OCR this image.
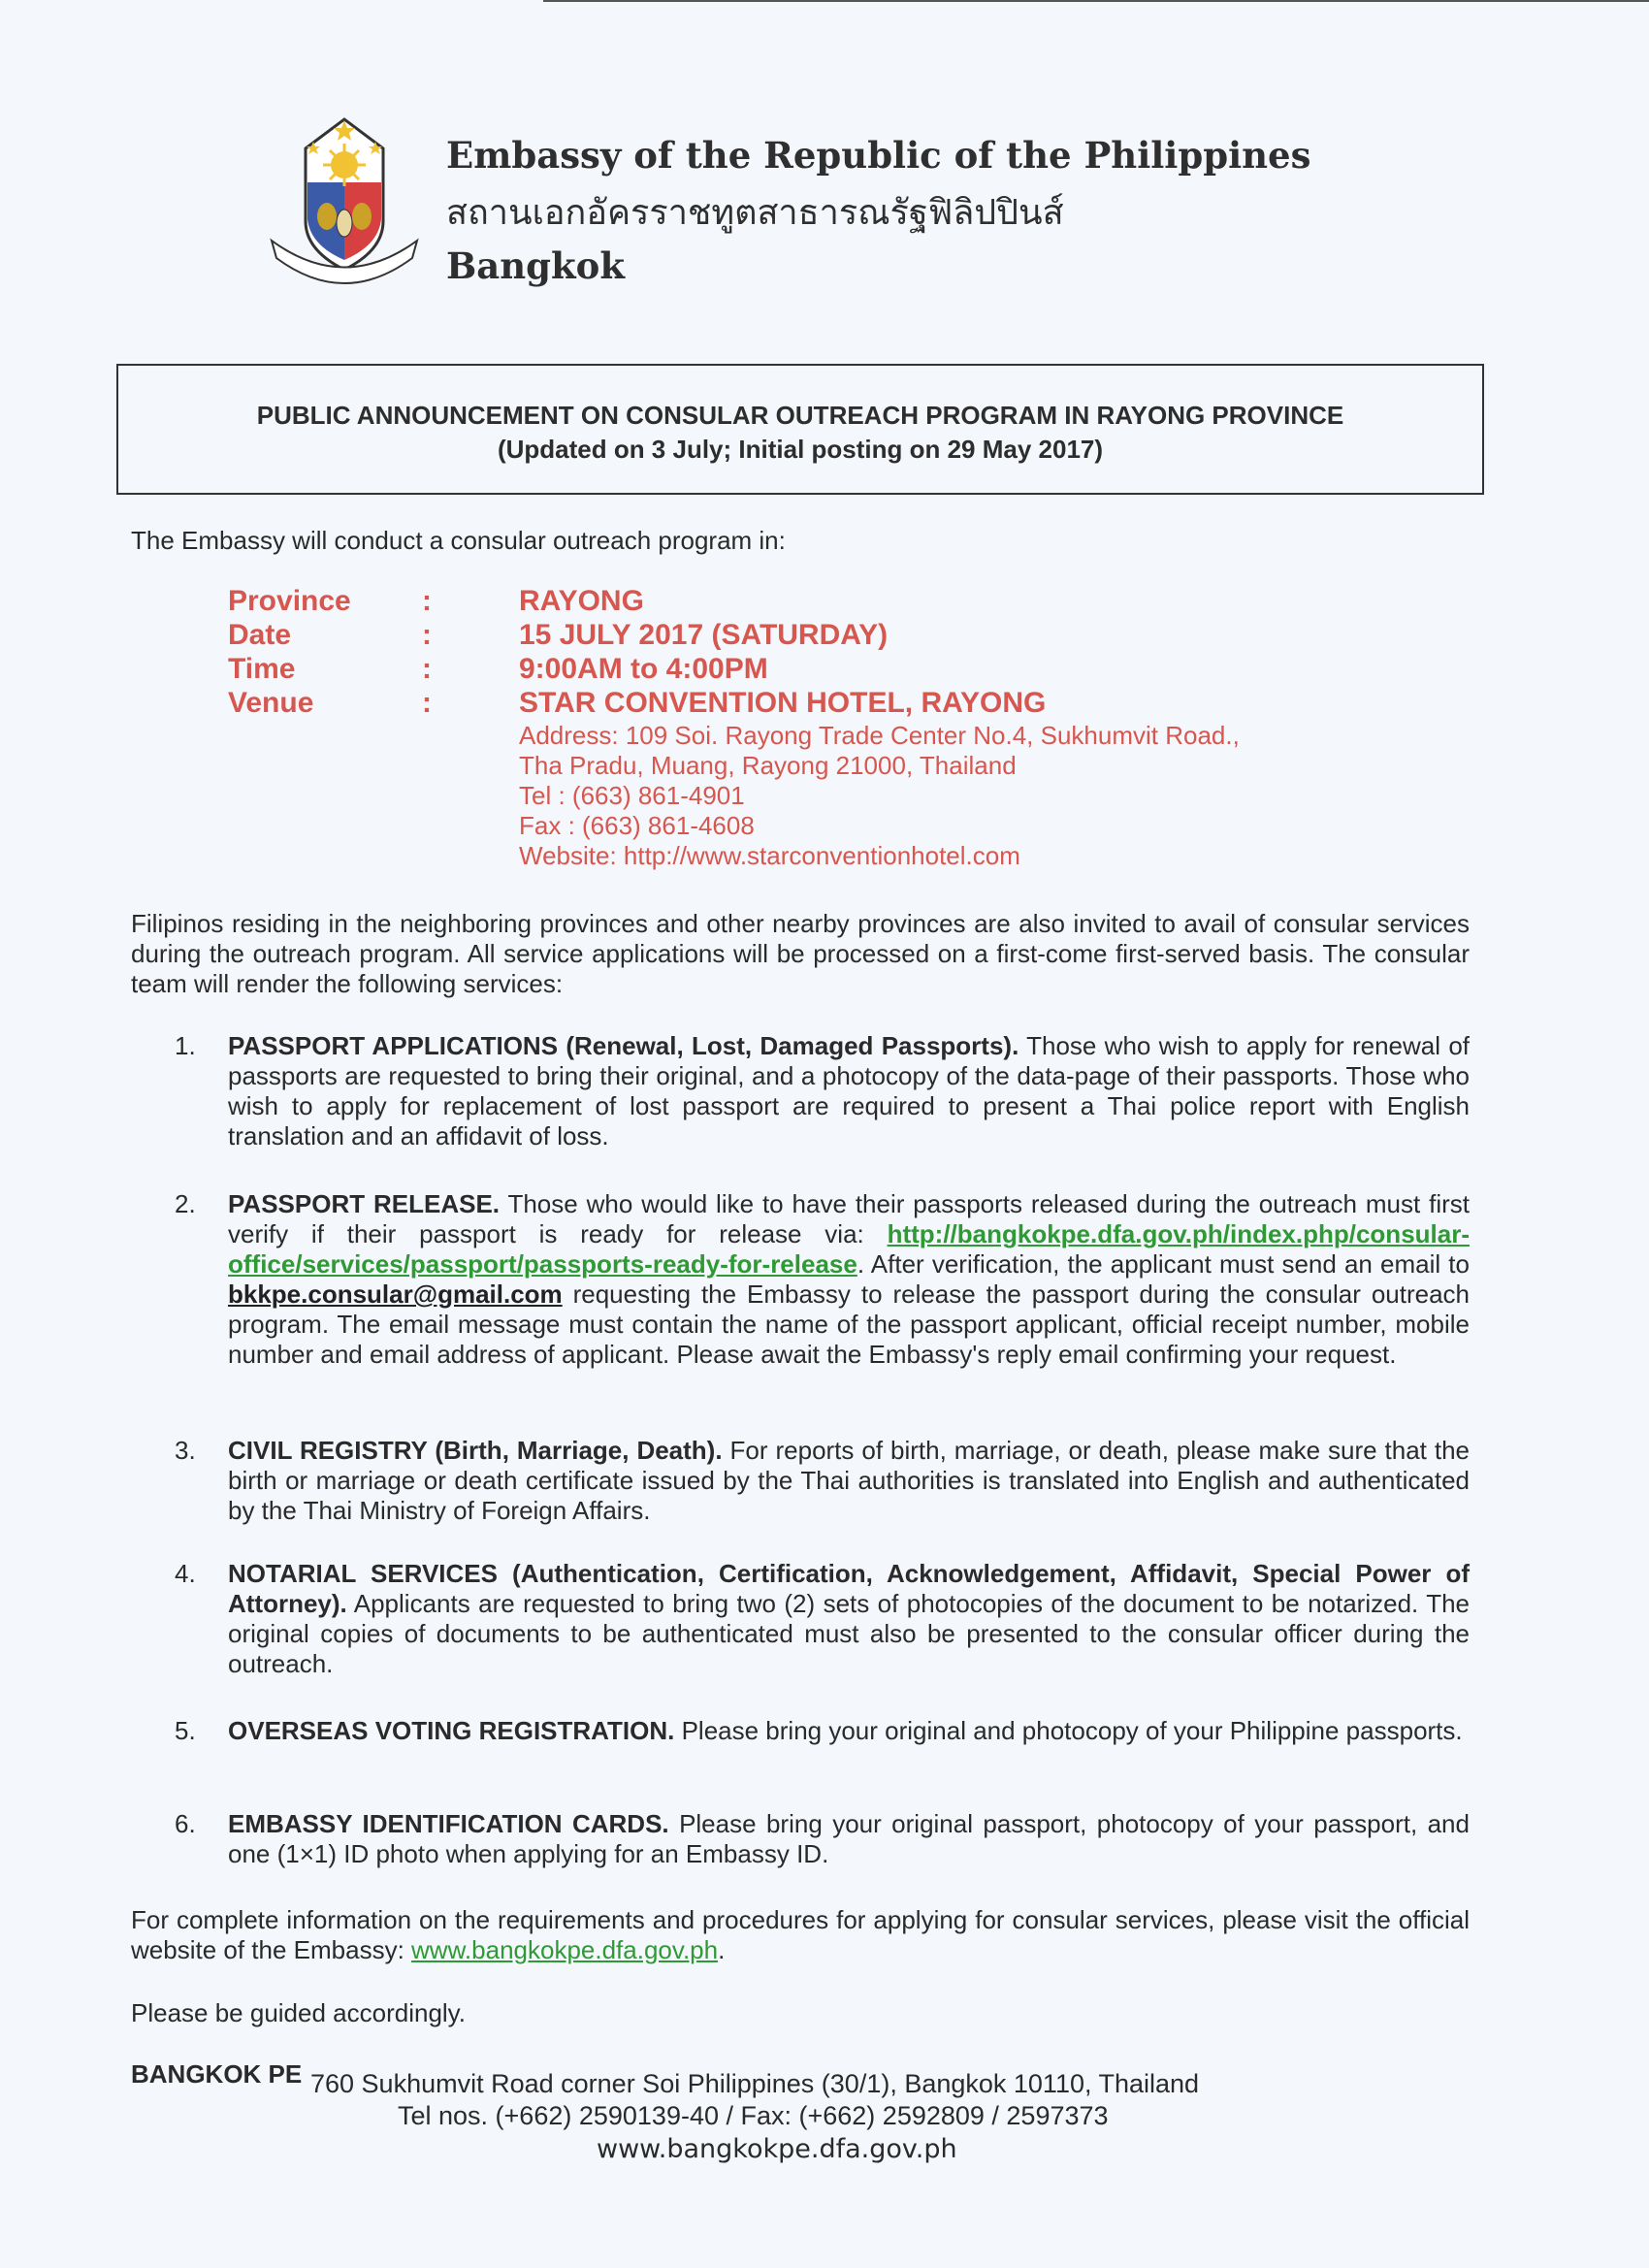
Embassy of the Republic of the Philippines
สถานเอกอัครราชทูตสาธารณรัฐฟิลิปปินส์
Bangkok
PUBLIC ANNOUNCEMENT ON CONSULAR OUTREACH PROGRAM IN RAYONG PROVINCE
(Updated on 3 July; Initial posting on 29 May 2017)
The Embassy will conduct a consular outreach program in:
Province :	RAYONG
Date	:	15 JULY 2017 (SATURDAY)
Time	:	9:00AM to 4:00PM
Venue	:	STAR CONVENTION HOTEL, RAYONG
Address: 109 Soi. Rayong Trade Center No.4, Sukhumvit Road.,
Tha Pradu, Muang, Rayong 21000, Thailand
Tel : (663) 861-4901
Fax : (663) 861-4608
Website: http://www.starconventionhotel.com
Filipinos residing in the neighboring provinces and other nearby provinces are also invited to avail of consular services during the outreach program. All service applications will be processed on a first-come first-served basis. The consular team will render the following services:
1. PASSPORT APPLICATIONS (Renewal, Lost, Damaged Passports). Those who wish to apply for renewal of passports are requested to bring their original, and a photocopy of the data-page of their passports. Those who wish to apply for replacement of lost passport are required to present a Thai police report with English translation and an affidavit of loss.
2. PASSPORT RELEASE. Those who would like to have their passports released during the outreach must first verify if their passport is ready for release via: http://bangkokpe.dfa.gov.ph/index.php/consular-office/services/passport/passports-ready-for-release. After verification, the applicant must send an email to bkkpe.consular@gmail.com requesting the Embassy to release the passport during the consular outreach program. The email message must contain the name of the passport applicant, official receipt number, mobile number and email address of applicant. Please await the Embassy's reply email confirming your request.
3. CIVIL REGISTRY (Birth, Marriage, Death). For reports of birth, marriage, or death, please make sure that the birth or marriage or death certificate issued by the Thai authorities is translated into English and authenticated by the Thai Ministry of Foreign Affairs.
4. NOTARIAL SERVICES (Authentication, Certification, Acknowledgement, Affidavit, Special Power of Attorney). Applicants are requested to bring two (2) sets of photocopies of the document to be notarized. The original copies of documents to be authenticated must also be presented to the consular officer during the outreach.
5. OVERSEAS VOTING REGISTRATION. Please bring your original and photocopy of your Philippine passports.
6. EMBASSY IDENTIFICATION CARDS. Please bring your original passport, photocopy of your passport, and one (1×1) ID photo when applying for an Embassy ID.
For complete information on the requirements and procedures for applying for consular services, please visit the official website of the Embassy: www.bangkokpe.dfa.gov.ph.
Please be guided accordingly.
BANGKOK PE 760 Sukhumvit Road corner Soi Philippines (30/1), Bangkok 10110, Thailand
Tel nos. (+662) 2590139-40 / Fax: (+662) 2592809 / 2597373
www.bangkokpe.dfa.gov.ph
